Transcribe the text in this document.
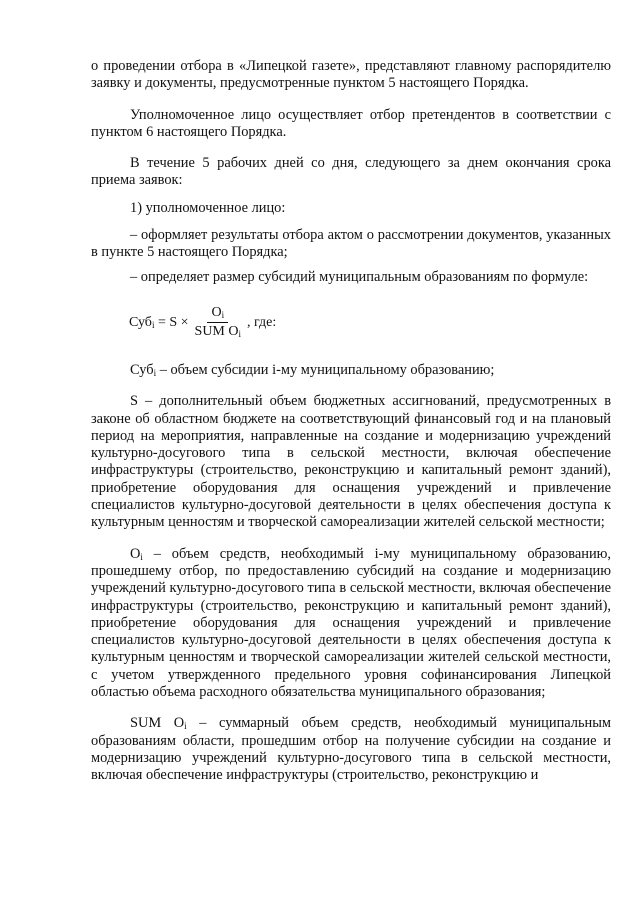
о проведении отбора в «Липецкой газете», представляют главному распорядителю заявку и документы, предусмотренные пунктом 5 настоящего Порядка.

Уполномоченное лицо осуществляет отбор претендентов в соответствии с пунктом 6 настоящего Порядка.

В течение 5 рабочих дней со дня, следующего за днем окончания срока приема заявок:

1) уполномоченное лицо:

– оформляет результаты отбора актом о рассмотрении документов, указанных в пункте 5 настоящего Порядка;

– определяет размер субсидий муниципальным образованиям по формуле:

$Суб_i = S \times \frac{O_i}{SUM O_i}$ , где:

Суб$_i$ – объем субсидии i-му муниципальному образованию;

S – дополнительный объем бюджетных ассигнований, предусмотренных в законе об областном бюджете на соответствующий финансовый год и на плановый период на мероприятия, направленные на создание и модернизацию учреждений культурно-досугового типа в сельской местности, включая обеспечение инфраструктуры (строительство, реконструкцию и капитальный ремонт зданий), приобретение оборудования для оснащения учреждений и привлечение специалистов культурно-досуговой деятельности в целях обеспечения доступа к культурным ценностям и творческой самореализации жителей сельской местности;

$O_i$ – объем средств, необходимый i-му муниципальному образованию, прошедшему отбор, по предоставлению субсидий на создание и модернизацию учреждений культурно-досугового типа в сельской местности, включая обеспечение инфраструктуры (строительство, реконструкцию и капитальный ремонт зданий), приобретение оборудования для оснащения учреждений и привлечение специалистов культурно-досуговой деятельности в целях обеспечения доступа к культурным ценностям и творческой самореализации жителей сельской местности, с учетом утвержденного предельного уровня софинансирования Липецкой областью объема расходного обязательства муниципального образования;

SUM $O_i$ – суммарный объем средств, необходимый муниципальным образованиям области, прошедшим отбор на получение субсидии на создание и модернизацию учреждений культурно-досугового типа в сельской местности, включая обеспечение инфраструктуры (строительство, реконструкцию и
